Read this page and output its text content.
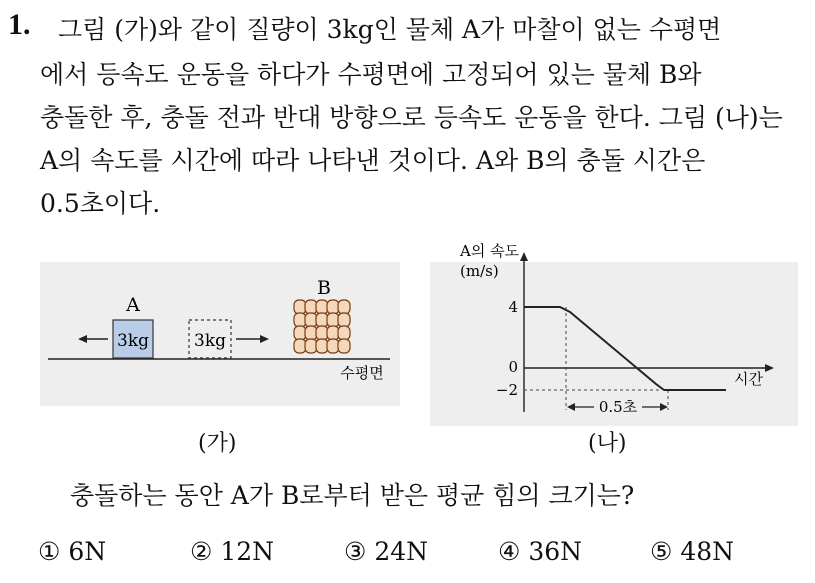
1. 그림 (가)와 같이 질량이 3kg인 물체 A가 마찰이 없는 수평면
에서 등속도 운동을 하다가 수평면에 고정되어 있는 물체 B와
충돌한 후, 충돌 전과 반대 방향으로 등속도 운동을 한다. 그림 (나)는
A의 속도를 시간에 따라 나타낸 것이다. A와 B의 충돌 시간은
0.5초이다.
3kg
A
3kg
B
수평면
(가)
A의 속도
(m/s)
시간
4
0
−2
0.5초
(나)
충돌하는 동안 A가 B로부터 받은 평균 힘의 크기는?
① 6N	② 12N	③ 24N	④ 36N	⑤ 48N
